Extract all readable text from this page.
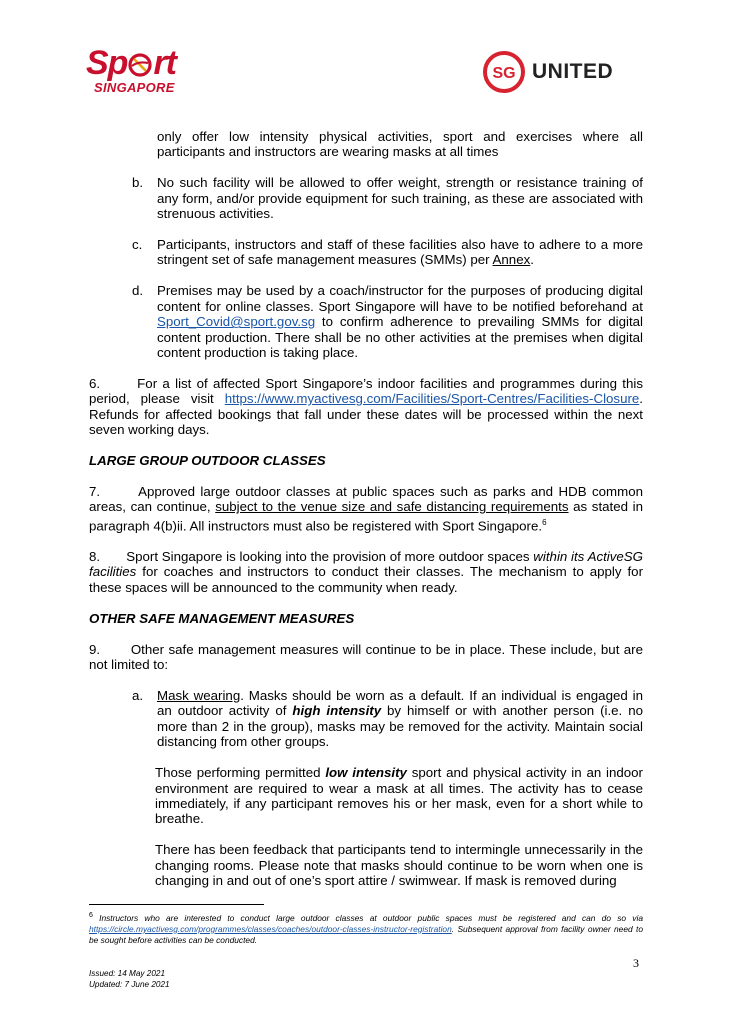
Sp rt
SINGAPORE
SG UNITED

only offer low intensity physical activities, sport and exercises where all participants and instructors are wearing masks at all times

b. No such facility will be allowed to offer weight, strength or resistance training of any form, and/or provide equipment for such training, as these are associated with strenuous activities.
c. Participants, instructors and staff of these facilities also have to adhere to a more stringent set of safe management measures (SMMs) per Annex.
d. Premises may be used by a coach/instructor for the purposes of producing digital content for online classes. Sport Singapore will have to be notified beforehand at Sport_Covid@sport.gov.sg to confirm adherence to prevailing SMMs for digital content production. There shall be no other activities at the premises when digital content production is taking place.

6.       For a list of affected Sport Singapore’s indoor facilities and programmes during this period, please visit https://www.myactivesg.com/Facilities/Sport-Centres/Facilities-Closure. Refunds for affected bookings that fall under these dates will be processed within the next seven working days.

LARGE GROUP OUTDOOR CLASSES

7.       Approved large outdoor classes at public spaces such as parks and HDB common areas, can continue, subject to the venue size and safe distancing requirements as stated in paragraph 4(b)ii. All instructors must also be registered with Sport Singapore.$^6$

8.       Sport Singapore is looking into the provision of more outdoor spaces within its ActiveSG facilities for coaches and instructors to conduct their classes. The mechanism to apply for these spaces will be announced to the community when ready.

OTHER SAFE MANAGEMENT MEASURES

9.       Other safe management measures will continue to be in place. These include, but are not limited to:

a. Mask wearing. Masks should be worn as a default. If an individual is engaged in an outdoor activity of high intensity by himself or with another person (i.e. no more than 2 in the group), masks may be removed for the activity. Maintain social distancing from other groups.

Those performing permitted low intensity sport and physical activity in an indoor environment are required to wear a mask at all times. The activity has to cease immediately, if any participant removes his or her mask, even for a short while to breathe.

There has been feedback that participants tend to intermingle unnecessarily in the changing rooms. Please note that masks should continue to be worn when one is changing in and out of one’s sport attire / swimwear. If mask is removed during

$^6$ Instructors who are interested to conduct large outdoor classes at outdoor public spaces must be registered and can do so via https://circle.myactivesg.com/programmes/classes/coaches/outdoor-classes-instructor-registration. Subsequent approval from facility owner need to be sought before activities can be conducted.
3
Issued: 14 May 2021
Updated: 7 June 2021
